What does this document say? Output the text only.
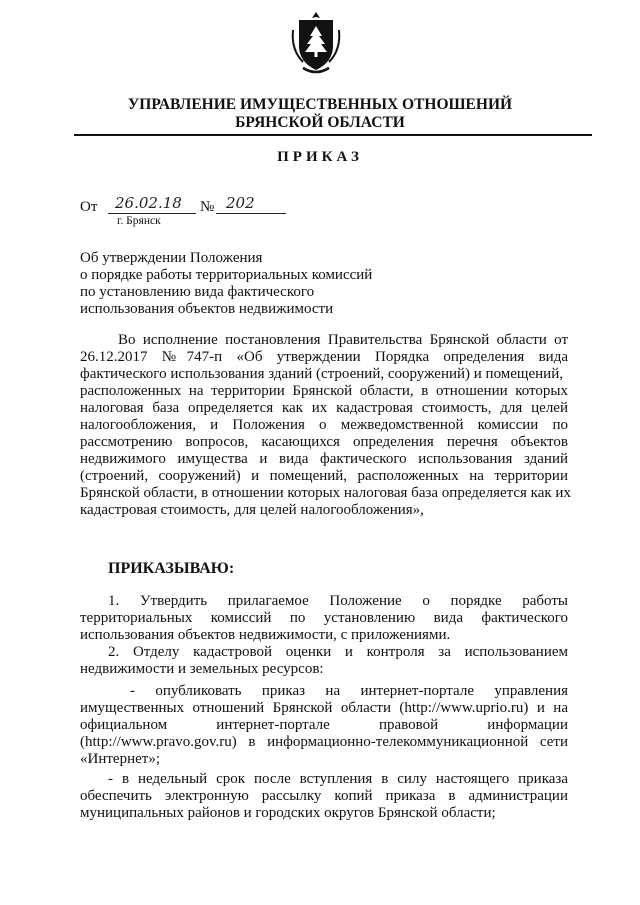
УПРАВЛЕНИЕ ИМУЩЕСТВЕННЫХ ОТНОШЕНИЙ
БРЯНСКОЙ ОБЛАСТИ
ПРИКАЗ
От 26.02.18 № 202
г. Брянск
Об утверждении Положения
о порядке работы территориальных комиссий
по установлению вида фактического
использования объектов недвижимости
Во исполнение постановления Правительства Брянской области от
26.12.2017 №747-п «Об утверждении Порядка определения вида
фактического использования зданий (строений, сооружений) и помещений,
расположенных на территории Брянской области, в отношении которых
налоговая база определяется как их кадастровая стоимость, для целей
налогообложения, и Положения о межведомственной комиссии по
рассмотрению вопросов, касающихся определения перечня объектов
недвижимого имущества и вида фактического использования зданий
(строений, сооружений) и помещений, расположенных на территории
Брянской области, в отношении которых налоговая база определяется как их
кадастровая стоимость, для целей налогообложения»,
ПРИКАЗЫВАЮ:
1. Утвердить прилагаемое Положение о порядке работы
территориальных комиссий по установлению вида фактического
использования объектов недвижимости, с приложениями.
2. Отделу кадастровой оценки и контроля за использованием
недвижимости и земельных ресурсов:
- опубликовать приказ на интернет-портале управления
имущественных отношений Брянской области (http://www.uprio.ru) и на
официальном интернет-портале правовой информации
(http://www.pravo.gov.ru) в информационно-телекоммуникационной сети
«Интернет»;
- в недельный срок после вступления в силу настоящего приказа
обеспечить электронную рассылку копий приказа в администрации
муниципальных районов и городских округов Брянской области;
